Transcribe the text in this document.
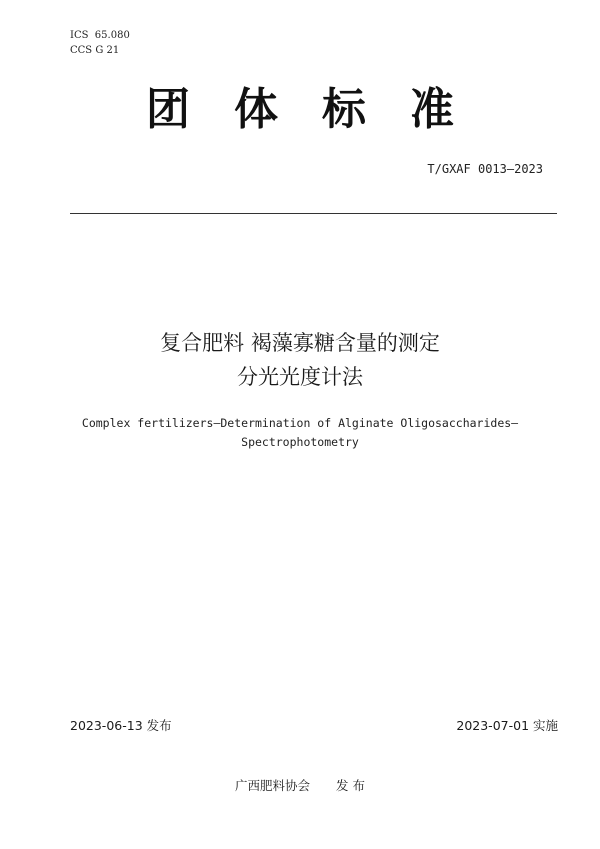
ICS  65.080
CCS G 21
团体标准
T/GXAF 0013—2023
复合肥料 褐藻寡糖含量的测定
分光光度计法
Complex fertilizers—Determination of Alginate Oligosaccharides—
Spectrophotometry
2023-06-13 发布	2023-07-01 实施
广西肥料协会 发 布
